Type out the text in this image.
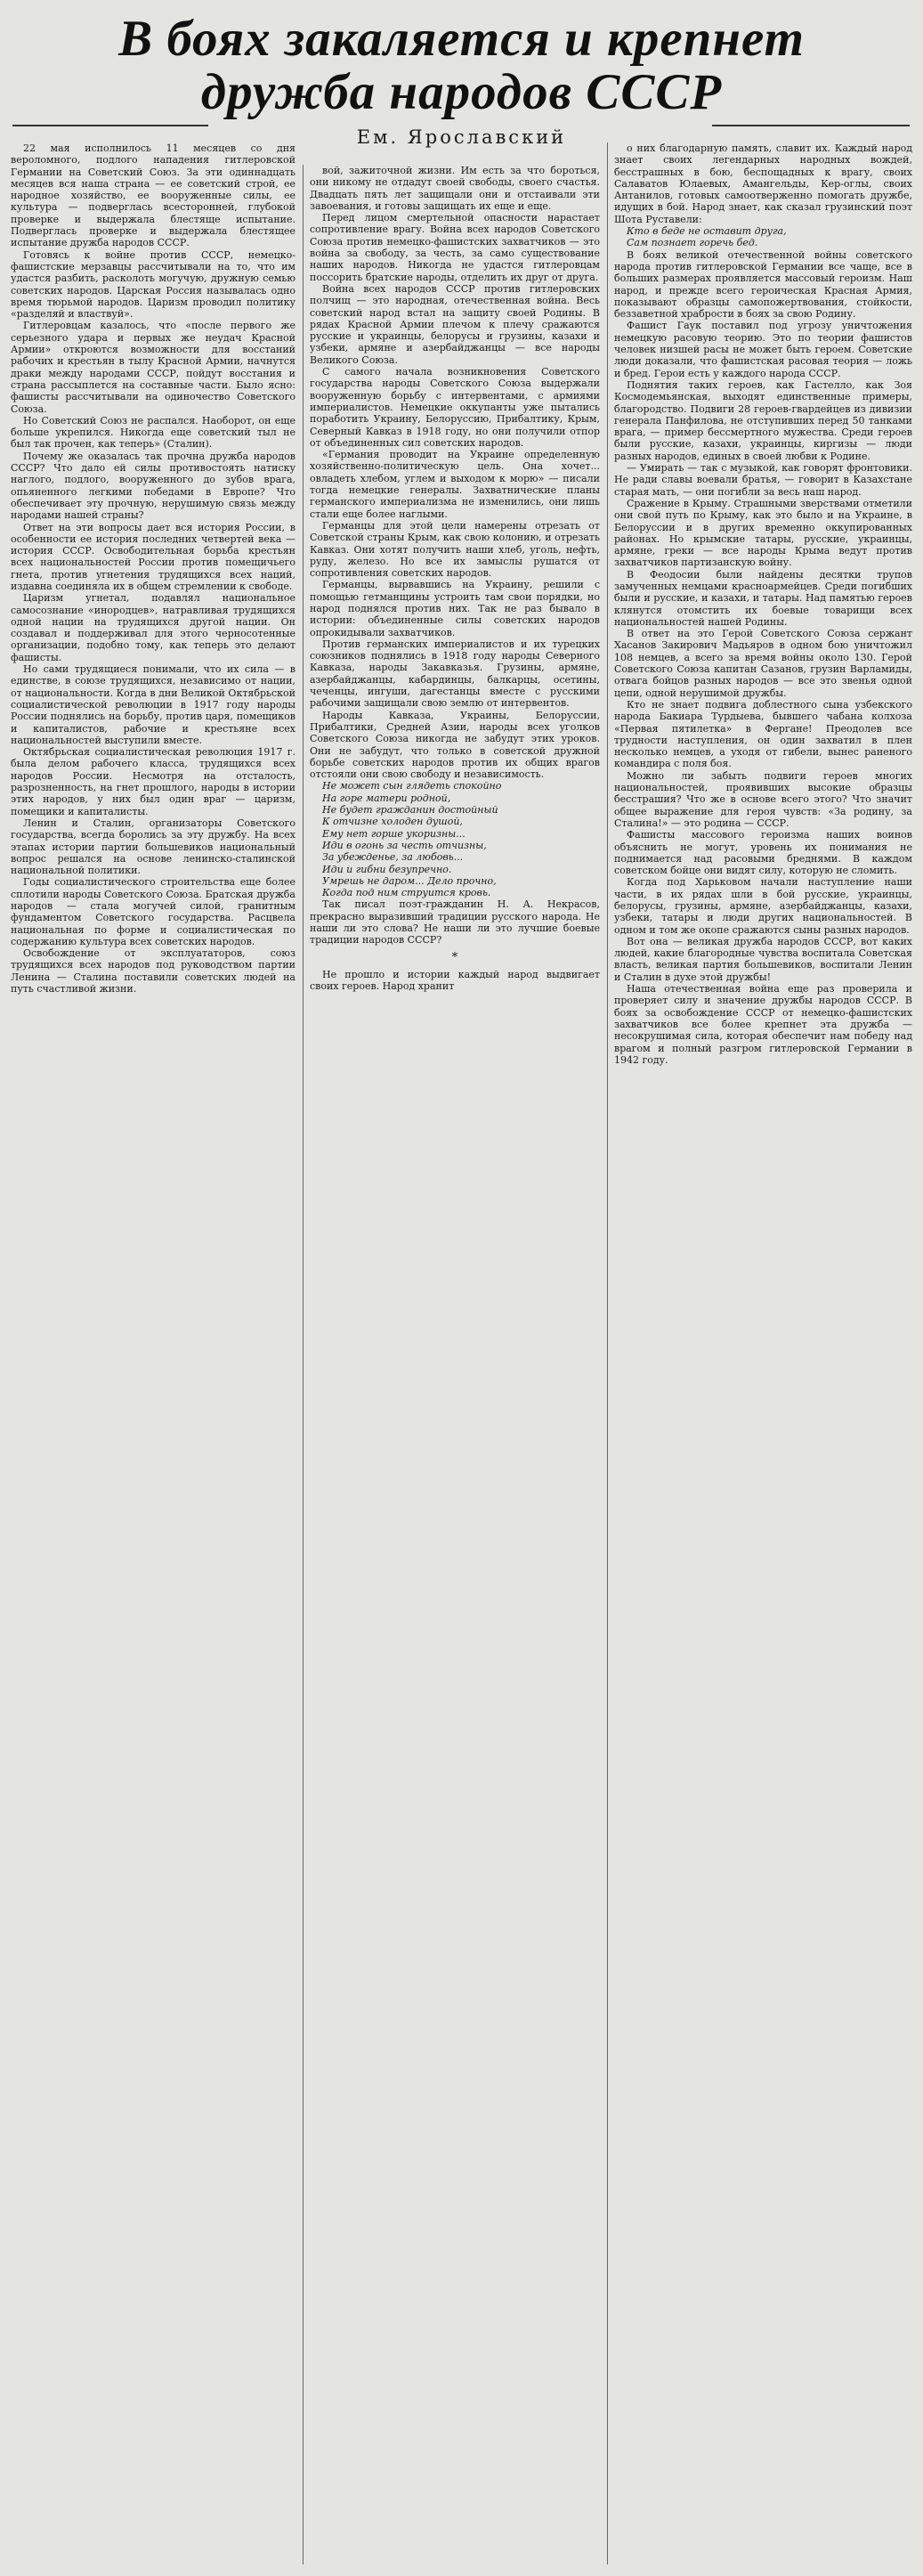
В боях закаляется и крепнет
дружба народов СССР
Ем. Ярославский

22 мая исполнилось 11 месяцев со дня вероломного, подлого нападения гитлеровской Германии на Советский Союз. За эти одиннадцать месяцев вся наша страна — ее советский строй, ее народное хозяйство, ее вооруженные силы, ее культура — подверглась всесторонней, глубокой проверке и выдержала блестяще испытание. Подверглась проверке и выдержала блестящее испытание дружба народов СССР.

Готовясь к войне против СССР, немецко-фашистские мерзавцы рассчитывали на то, что им удастся разбить, расколоть могучую, дружную семью советских народов. Царская Россия называлась одно время тюрьмой народов. Царизм проводил политику «разделяй и властвуй».

Гитлеровцам казалось, что «после первого же серьезного удара и первых же неудач Красной Армии» откроются возможности для восстаний рабочих и крестьян в тылу Красной Армии, начнутся драки между народами СССР, пойдут восстания и страна рассыплется на составные части. Было ясно: фашисты рассчитывали на одиночество Советского Союза.

Но Советский Союз не распался. Наоборот, он еще больше укрепился. Никогда еще советский тыл не был так прочен, как теперь» (Сталин).

Почему же оказалась так прочна дружба народов СССР? Что дало ей силы противостоять натиску наглого, подлого, вооруженного до зубов врага, опьяненного легкими победами в Европе? Что обеспечивает эту прочную, нерушимую связь между народами нашей страны?

Ответ на эти вопросы дает вся история России, в особенности ее история последних четвертей века — история СССР. Освободительная борьба крестьян всех национальностей России против помещичьего гнета, против угнетения трудящихся всех наций, издавна соединяла их в общем стремлении к свободе.

Царизм угнетал, подавлял национальное самосознание «инородцев», натравливая трудящихся одной нации на трудящихся другой нации. Он создавал и поддерживал для этого черносотенные организации, подобно тому, как теперь это делают фашисты.

Но сами трудящиеся понимали, что их сила — в единстве, в союзе трудящихся, независимо от нации, от национальности. Когда в дни Великой Октябрьской социалистической революции в 1917 году народы России поднялись на борьбу, против царя, помещиков и капиталистов, рабочие и крестьяне всех национальностей выступили вместе.

Октябрьская социалистическая революция 1917 г. была делом рабочего класса, трудящихся всех народов России. Несмотря на отсталость, разрозненность, на гнет прошлого, народы в истории этих народов, у них был один враг — царизм, помещики и капиталисты.

Ленин и Сталин, организаторы Советского государства, всегда боролись за эту дружбу. На всех этапах истории партии большевиков национальный вопрос решался на основе ленинско-сталинской национальной политики.

Годы социалистического строительства еще более сплотили народы Советского Союза. Братская дружба народов — стала могучей силой, гранитным фундаментом Советского государства. Расцвела национальная по форме и социалистическая по содержанию культура всех советских народов.

Освобождение от эксплуататоров, союз трудящихся всех народов под руководством партии Ленина — Сталина поставили советских людей на путь счастливой жизни.

вой, зажиточной жизни. Им есть за что бороться, они никому не отдадут своей свободы, своего счастья. Двадцать пять лет защищали они и отстаивали эти завоевания, и готовы защищать их еще и еще.

Перед лицом смертельной опасности нарастает сопротивление врагу. Война всех народов Советского Союза против немецко-фашистских захватчиков — это война за свободу, за честь, за само существование наших народов. Никогда не удастся гитлеровцам поссорить братские народы, отделить их друг от друга.

Война всех народов СССР против гитлеровских полчищ — это народная, отечественная война. Весь советский народ встал на защиту своей Родины. В рядах Красной Армии плечом к плечу сражаются русские и украинцы, белорусы и грузины, казахи и узбеки, армяне и азербайджанцы — все народы Великого Союза.

С самого начала возникновения Советского государства народы Советского Союза выдержали вооруженную борьбу с интервентами, с армиями империалистов. Немецкие оккупанты уже пытались поработить Украину, Белоруссию, Прибалтику, Крым, Северный Кавказ в 1918 году, но они получили отпор от объединенных сил советских народов.

«Германия проводит на Украине определенную хозяйственно-политическую цель. Она хочет... овладеть хлебом, углем и выходом к морю» — писали тогда немецкие генералы. Захватнические планы германского империализма не изменились, они лишь стали еще более наглыми.

Германцы для этой цели намерены отрезать от Советской страны Крым, как свою колонию, и отрезать Кавказ. Они хотят получить наши хлеб, уголь, нефть, руду, железо. Но все их замыслы рушатся от сопротивления советских народов.

Германцы, вырвавшись на Украину, решили с помощью гетманщины устроить там свои порядки, но народ поднялся против них. Так не раз бывало в истории: объединенные силы советских народов опрокидывали захватчиков.

Против германских империалистов и их турецких союзников поднялись в 1918 году народы Северного Кавказа, народы Закавказья. Грузины, армяне, азербайджанцы, кабардинцы, балкарцы, осетины, чеченцы, ингуши, дагестанцы вместе с русскими рабочими защищали свою землю от интервентов.

Народы Кавказа, Украины, Белоруссии, Прибалтики, Средней Азии, народы всех уголков Советского Союза никогда не забудут этих уроков. Они не забудут, что только в советской дружной борьбе советских народов против их общих врагов отстояли они свою свободу и независимость.

Не может сын глядеть спокойно

На горе матери родной,

Не будет гражданин достойный

К отчизне холоден душой,

Ему нет горше укоризны...

Иди в огонь за честь отчизны,

За убежденье, за любовь...

Иди и гибни безупречно.

Умрешь не даром... Дело прочно,

Когда под ним струится кровь.

Так писал поэт-гражданин Н. А. Некрасов, прекрасно выразивший традиции русского народа. Не наши ли это слова? Не наши ли это лучшие боевые традиции народов СССР?

*

Не прошло и истории каждый народ выдвигает своих героев. Народ хранит

о них благодарную память, славит их. Каждый народ знает своих легендарных народных вождей, бесстрашных в бою, беспощадных к врагу, своих Салаватов Юлаевых, Амангельды, Кер-оглы, своих Антанилов, готовых самоотверженно помогать дружбе, идущих в бой. Народ знает, как сказал грузинский поэт Шота Руставели:

Кто в беде не оставит друга,

Сам познает горечь бед.

В боях великой отечественной войны советского народа против гитлеровской Германии все чаще, все в больших размерах проявляется массовый героизм. Наш народ, и прежде всего героическая Красная Армия, показывают образцы самопожертвования, стойкости, беззаветной храбрости в боях за свою Родину.

Фашист Гаук поставил под угрозу уничтожения немецкую расовую теорию. Это по теории фашистов человек низшей расы не может быть героем. Советские люди доказали, что фашистская расовая теория — ложь и бред. Герои есть у каждого народа СССР.

Поднятия таких героев, как Гастелло, как Зоя Космодемьянская, выходят единственные примеры, благородство. Подвиги 28 героев-гвардейцев из дивизии генерала Панфилова, не отступивших перед 50 танками врага, — пример бессмертного мужества. Среди героев были русские, казахи, украинцы, киргизы — люди разных народов, единых в своей любви к Родине.

— Умирать — так с музыкой, как говорят фронтовики. Не ради славы воевали братья, — говорит в Казахстане старая мать, — они погибли за весь наш народ.

Сражение в Крыму. Страшными зверствами отметили они свой путь по Крыму, как это было и на Украине, в Белоруссии и в других временно оккупированных районах. Но крымские татары, русские, украинцы, армяне, греки — все народы Крыма ведут против захватчиков партизанскую войну.

В Феодосии были найдены десятки трупов замученных немцами красноармейцев. Среди погибших были и русские, и казахи, и татары. Над памятью героев клянутся отомстить их боевые товарищи всех национальностей нашей Родины.

В ответ на это Герой Советского Союза сержант Хасанов Закирович Мадьяров в одном бою уничтожил 108 немцев, а всего за время войны около 130. Герой Советского Союза капитан Сазанов, грузин Варламиды, отвага бойцов разных народов — все это звенья одной цепи, одной нерушимой дружбы.

Кто не знает подвига доблестного сына узбекского народа Бакиара Турдыева, бывшего чабана колхоза «Первая пятилетка» в Фергане! Преодолев все трудности наступления, он один захватил в плен несколько немцев, а уходя от гибели, вынес раненого командира с поля боя.

Можно ли забыть подвиги героев многих национальностей, проявивших высокие образцы бесстрашия? Что же в основе всего этого? Что значит общее выражение для героя чувств: «За родину, за Сталина!» — это родина — СССР.

Фашисты массового героизма наших воинов объяснить не могут, уровень их понимания не поднимается над расовыми бреднями. В каждом советском бойце они видят силу, которую не сломить.

Когда под Харьковом начали наступление наши части, в их рядах шли в бой русские, украинцы, белорусы, грузины, армяне, азербайджанцы, казахи, узбеки, татары и люди других национальностей. В одном и том же окопе сражаются сыны разных народов.

Вот она — великая дружба народов СССР, вот каких людей, какие благородные чувства воспитала Советская власть, великая партия большевиков, воспитали Ленин и Сталин в духе этой дружбы!

Наша отечественная война еще раз проверила и проверяет силу и значение дружбы народов СССР. В боях за освобождение СССР от немецко-фашистских захватчиков все более крепнет эта дружба — несокрушимая сила, которая обеспечит нам победу над врагом и полный разгром гитлеровской Германии в 1942 году.
